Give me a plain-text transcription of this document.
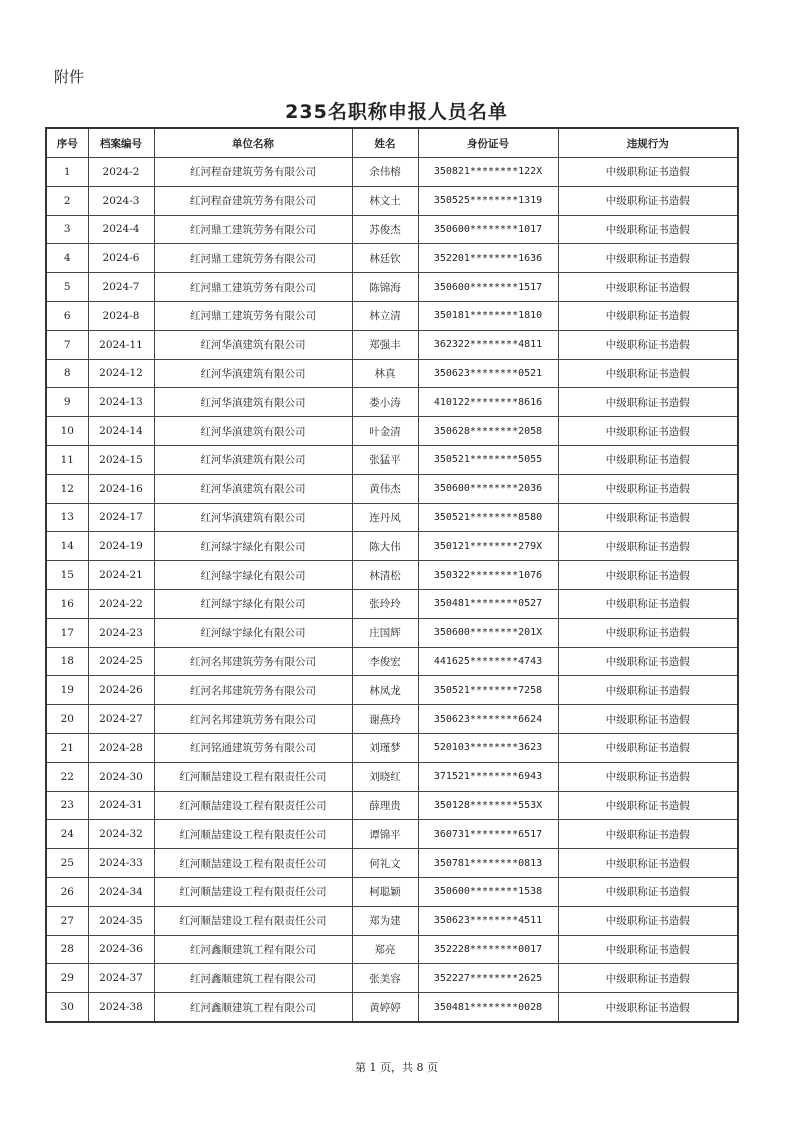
附件
235名职称申报人员名单
序号	档案编号	单位名称	姓名	身份证号	违规行为
1	2024-2	红河程奋建筑劳务有限公司	余伟榕	350821********122X	中级职称证书造假
2	2024-3	红河程奋建筑劳务有限公司	林文土	350525********1319	中级职称证书造假
3	2024-4	红河鼎工建筑劳务有限公司	苏俊杰	350600********1017	中级职称证书造假
4	2024-6	红河鼎工建筑劳务有限公司	林廷钦	352201********1636	中级职称证书造假
5	2024-7	红河鼎工建筑劳务有限公司	陈锦海	350600********1517	中级职称证书造假
6	2024-8	红河鼎工建筑劳务有限公司	林立清	350181********1810	中级职称证书造假
7	2024-11	红河华滇建筑有限公司	郑强丰	362322********4811	中级职称证书造假
8	2024-12	红河华滇建筑有限公司	林真	350623********0521	中级职称证书造假
9	2024-13	红河华滇建筑有限公司	娄小涛	410122********8616	中级职称证书造假
10	2024-14	红河华滇建筑有限公司	叶金清	350628********2058	中级职称证书造假
11	2024-15	红河华滇建筑有限公司	张猛平	350521********5055	中级职称证书造假
12	2024-16	红河华滇建筑有限公司	黄伟杰	350600********2036	中级职称证书造假
13	2024-17	红河华滇建筑有限公司	连丹凤	350521********8580	中级职称证书造假
14	2024-19	红河绿宇绿化有限公司	陈大伟	350121********279X	中级职称证书造假
15	2024-21	红河绿宇绿化有限公司	林清松	350322********1076	中级职称证书造假
16	2024-22	红河绿宇绿化有限公司	张玲玲	350481********0527	中级职称证书造假
17	2024-23	红河绿宇绿化有限公司	庄国辉	350600********201X	中级职称证书造假
18	2024-25	红河名邦建筑劳务有限公司	李俊宏	441625********4743	中级职称证书造假
19	2024-26	红河名邦建筑劳务有限公司	林凤龙	350521********7258	中级职称证书造假
20	2024-27	红河名邦建筑劳务有限公司	谢燕玲	350623********6624	中级职称证书造假
21	2024-28	红河铭通建筑劳务有限公司	刘瑾梦	520103********3623	中级职称证书造假
22	2024-30	红河顺喆建设工程有限责任公司	刘晓红	371521********6943	中级职称证书造假
23	2024-31	红河顺喆建设工程有限责任公司	薛理贵	350128********553X	中级职称证书造假
24	2024-32	红河顺喆建设工程有限责任公司	谭锦平	360731********6517	中级职称证书造假
25	2024-33	红河顺喆建设工程有限责任公司	何礼文	350781********0813	中级职称证书造假
26	2024-34	红河顺喆建设工程有限责任公司	柯聪颖	350600********1538	中级职称证书造假
27	2024-35	红河顺喆建设工程有限责任公司	郑为建	350623********4511	中级职称证书造假
28	2024-36	红河鑫顺建筑工程有限公司	郑亮	352228********0017	中级职称证书造假
29	2024-37	红河鑫顺建筑工程有限公司	张美容	352227********2625	中级职称证书造假
30	2024-38	红河鑫顺建筑工程有限公司	黄婷婷	350481********0028	中级职称证书造假
第 1 页，共 8 页
